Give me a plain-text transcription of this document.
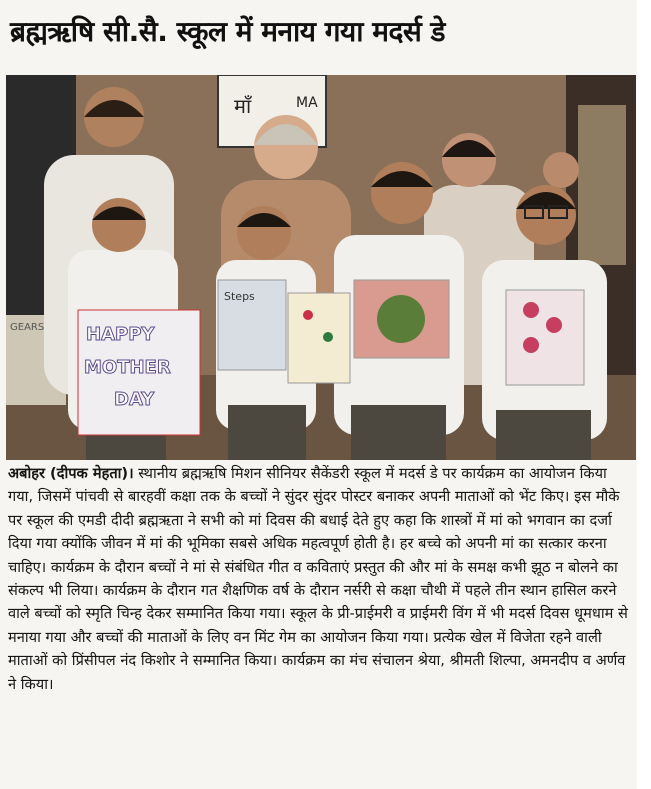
ब्रह्मऋषि सी.सै. स्कूल में मनाय गया मदर्स डे
माँ	MA
GEARS HAPPY
MOTHER
DAY
Steps
अबोहर (दीपक मेहता)। स्थानीय ब्रह्मऋषि मिशन सीनियर सैकेंडरी स्कूल में मदर्स डे पर कार्यक्रम का आयोजन किया गया, जिसमें पांचवी से बारहवीं कक्षा तक के बच्चों ने सुंदर सुंदर पोस्टर बनाकर अपनी माताओं को भेंट किए। इस मौके पर स्कूल की एमडी दीदी ब्रह्मऋता ने सभी को मां दिवस की बधाई देते हुए कहा कि शास्त्रों में मां को भगवान का दर्जा दिया गया क्योंकि जीवन में मां की भूमिका सबसे अधिक महत्वपूर्ण होती है। हर बच्चे को अपनी मां का सत्कार करना चाहिए। कार्यक्रम के दौरान बच्चों ने मां से संबंधित गीत व कविताएं प्रस्तुत की और मां के समक्ष कभी झूठ न बोलने का संकल्प भी लिया। कार्यक्रम के दौरान गत शैक्षणिक वर्ष के दौरान नर्सरी से कक्षा चौथी में पहले तीन स्थान हासिल करने वाले बच्चों को स्मृति चिन्ह देकर सम्मानित किया गया। स्कूल के प्री-प्राईमरी व प्राईमरी विंग में भी मदर्स दिवस धूमधाम से मनाया गया और बच्चों की माताओं के लिए वन मिंट गेम का आयोजन किया गया। प्रत्येक खेल में विजेता रहने वाली माताओं को प्रिंसीपल नंद किशोर ने सम्मानित किया। कार्यक्रम का मंच संचालन श्रेया, श्रीमती शिल्पा, अमनदीप व अर्णव ने किया।
